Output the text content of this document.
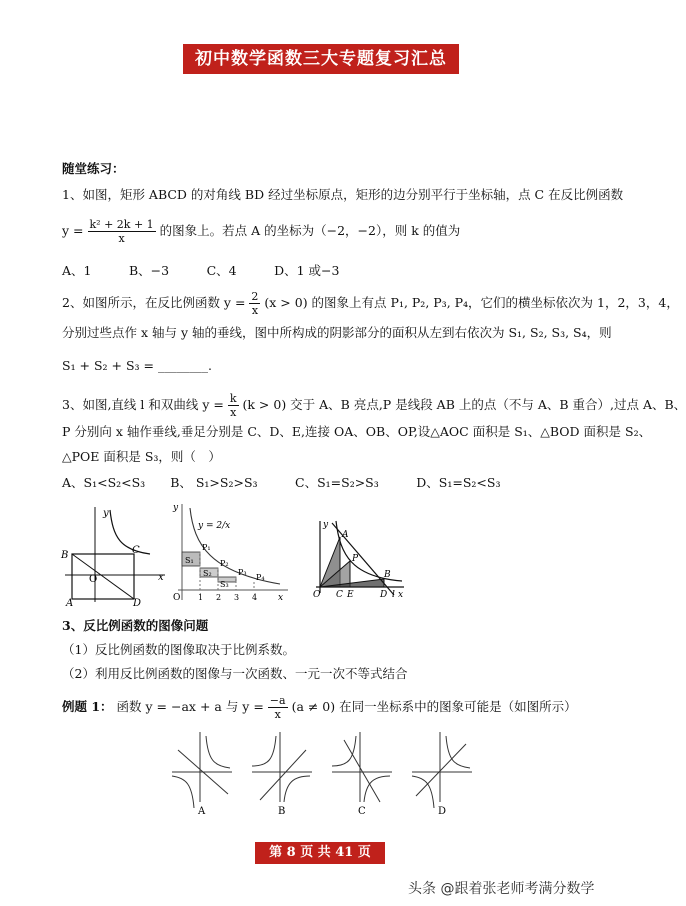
初中数学函数三大专题复习汇总
随堂练习：
1、如图，矩形 ABCD 的对角线 BD 经过坐标原点，矩形的边分别平行于坐标轴，点 C 在反比例函数
$y = \frac{\text{k² + 2k + 1}}{x}$ 的图象上。若点 A 的坐标为（−2，−2），则 k 的值为
A、1　　　B、−3　　　C、4　　　D、1 或−3
2、如图所示，在反比例函数 $y = \frac{2}{x} (x > 0)$ 的图象上有点 P₁, P₂, P₃, P₄，它们的横坐标依次为 1，2，3，4，
分别过些点作 x 轴与 y 轴的垂线，图中所构成的阴影部分的面积从左到右依次为 S₁, S₂, S₃, S₄，则
S₁ + S₂ + S₃ = ________.
3、如图,直线 l 和双曲线 $y = \frac{k}{x} (k > 0)$ 交于 A、B 亮点,P 是线段 AB 上的点（不与 A、B 重合）,过点 A、B、
P 分别向 x 轴作垂线,垂足分别是 C、D、E,连接 OA、OB、OP,设△AOC 面积是 S₁、△BOD 面积是 S₂、
△POE 面积是 S₃，则（　）
A、S₁<S₂<S₃　　B、 S₁>S₂>S₃　　　C、S₁=S₂>S₃　　　D、S₁=S₂<S₃
y
B	C
O	x
A	D
y
y = 2/x
P₁
S₁	P₂
S₂	P₃
S₃
P₄
O 1 2 3 4 x
y
A
P
B
O C E	D l x
3、反比例函数的图像问题
（1）反比例函数的图像取决于比例系数。
（2）利用反比例函数的图像与一次函数、一元一次不等式结合
例题 1： 函数 y = −ax + a 与 $y = \frac{-a}{x} (a \ne 0)$ 在同一坐标系中的图象可能是（如图所示）
A	B	C	D
第 8 页 共 41 页
头条 @跟着张老师考满分数学
